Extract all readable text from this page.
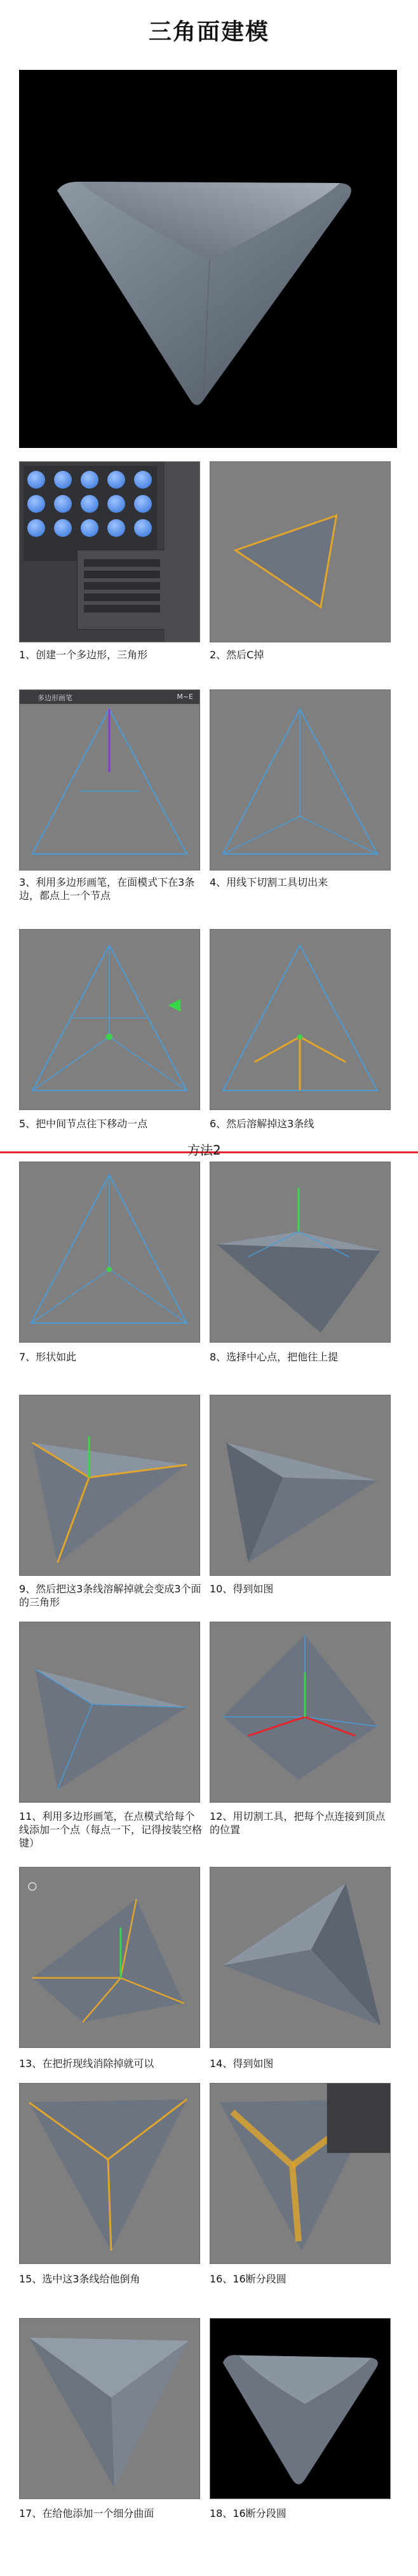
三角面建模
1、创建一个多边形，三角形	2、然后C掉
多边形画笔	M~E
3、利用多边形画笔，在面模式下在3条边，都点上一个节点
4、用线下切割工具切出来
5、把中间节点往下移动一点	6、然后溶解掉这3条线
方法2
7、形状如此	8、选择中心点，把他往上提
9、然后把这3条线溶解掉就会变成3个面的三角形
10、得到如图
11、利用多边形画笔，在点模式给每个线添加一个点（每点一下，记得按装空格键）
12、用切割工具，把每个点连接到顶点的位置
13、在把折现线消除掉就可以	14、得到如图
15、选中这3条线给他倒角	16、16断分段圆
17、在给他添加一个细分曲面	18、16断分段圆
